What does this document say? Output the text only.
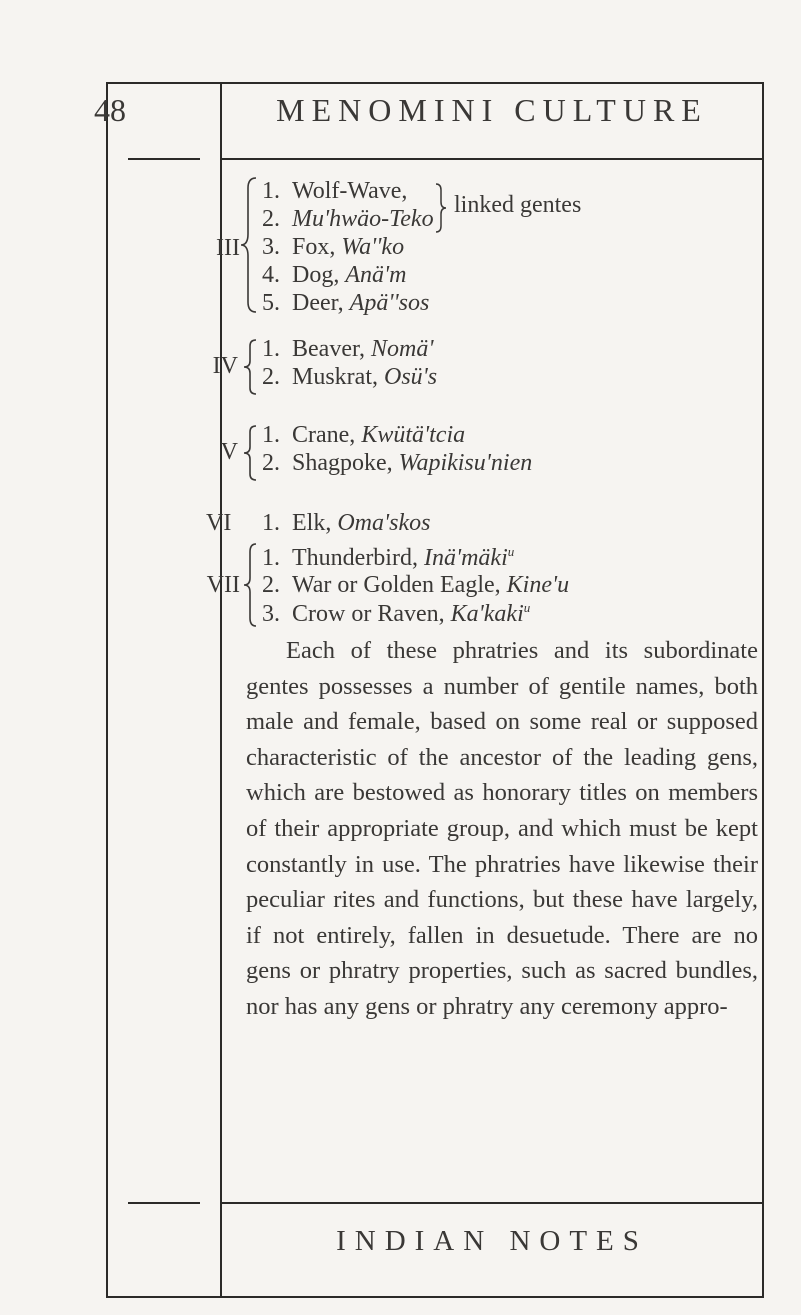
48	MENOMINI CULTURE
III
1. Wolf-Wave,
2. Mu'hwäo-Teko
linked gentes
3. Fox, Wa''ko
4. Dog, Anä'm
5. Deer, Apä''sos
IV
1. Beaver, Nomä'
2. Muskrat, Osü's
V
1. Crane, Kwütä'tcia
2. Shagpoke, Wapikisu'nien
VI	1. Elk, Oma'skos
VII
1. Thunderbird, Inä'mäki$^u$
2. War or Golden Eagle, Kine'u
3. Crow or Raven, Ka'kaki$^u$

Each of these phratries and its subordinate gentes possesses a number of gentile names, both male and female, based on some real or supposed characteristic of the ancestor of the leading gens, which are bestowed as honorary titles on members of their appropriate group, and which must be kept constantly in use. The phratries have likewise their peculiar rites and functions, but these have largely, if not entirely, fallen in desuetude. There are no gens or phratry properties, such as sacred bundles, nor has any gens or phratry any ceremony appro-

INDIAN NOTES
